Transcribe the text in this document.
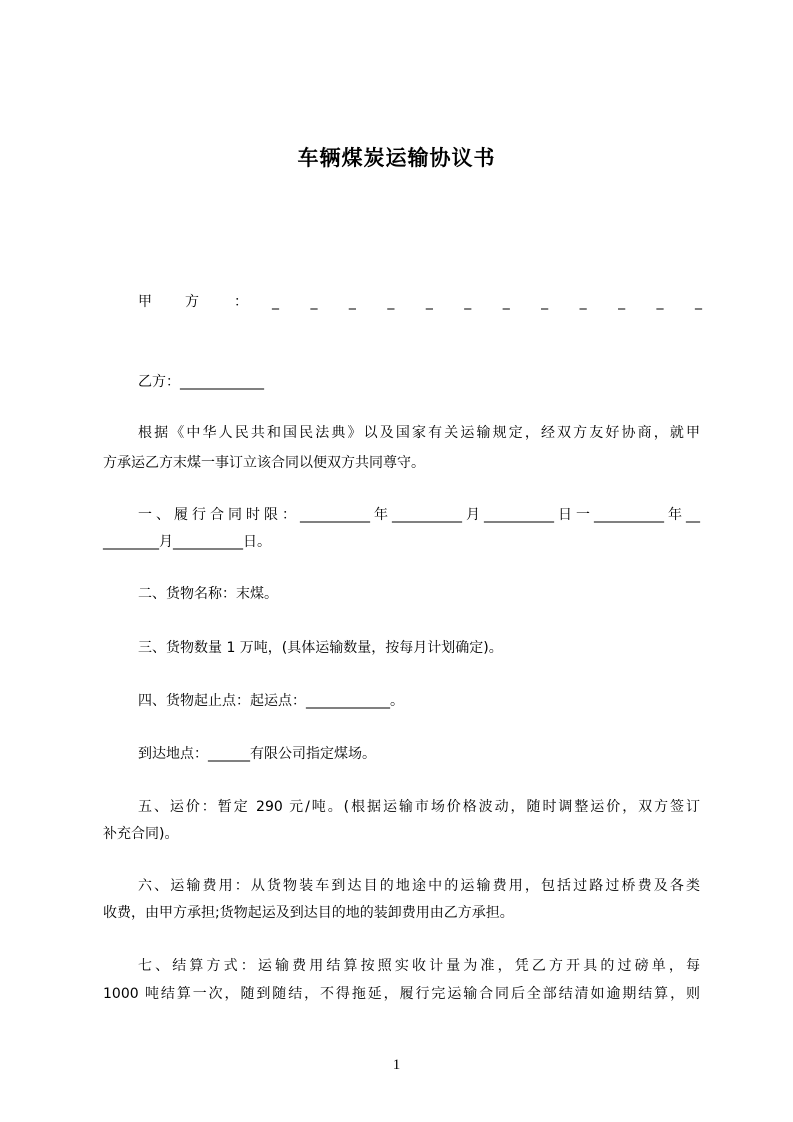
车辆煤炭运输协议书
甲 方	： _ _ _ _ _ _ _ _ _ _ _ _
乙方：____________
根据《中华人民共和国民法典》以及国家有关运输规定，经双方友好协商，就甲
方承运乙方末煤一事订立该合同以便双方共同尊守。
一、履行合同时限：__________年__________月__________日一__________年__
________月__________日。
二、货物名称：末煤。
三、货物数量 1 万吨，(具体运输数量，按每月计划确定)。
四、货物起止点：起运点：____________。
到达地点：______有限公司指定煤场。
五、运价：暂定 290 元/吨。(根据运输市场价格波动，随时调整运价，双方签订
补充合同)。
六、运输费用：从货物装车到达目的地途中的运输费用，包括过路过桥费及各类
收费，由甲方承担;货物起运及到达目的地的装卸费用由乙方承担。
七、结算方式：运输费用结算按照实收计量为准，凭乙方开具的过磅单，每
1000 吨结算一次，随到随结，不得拖延，履行完运输合同后全部结清如逾期结算，则
1
